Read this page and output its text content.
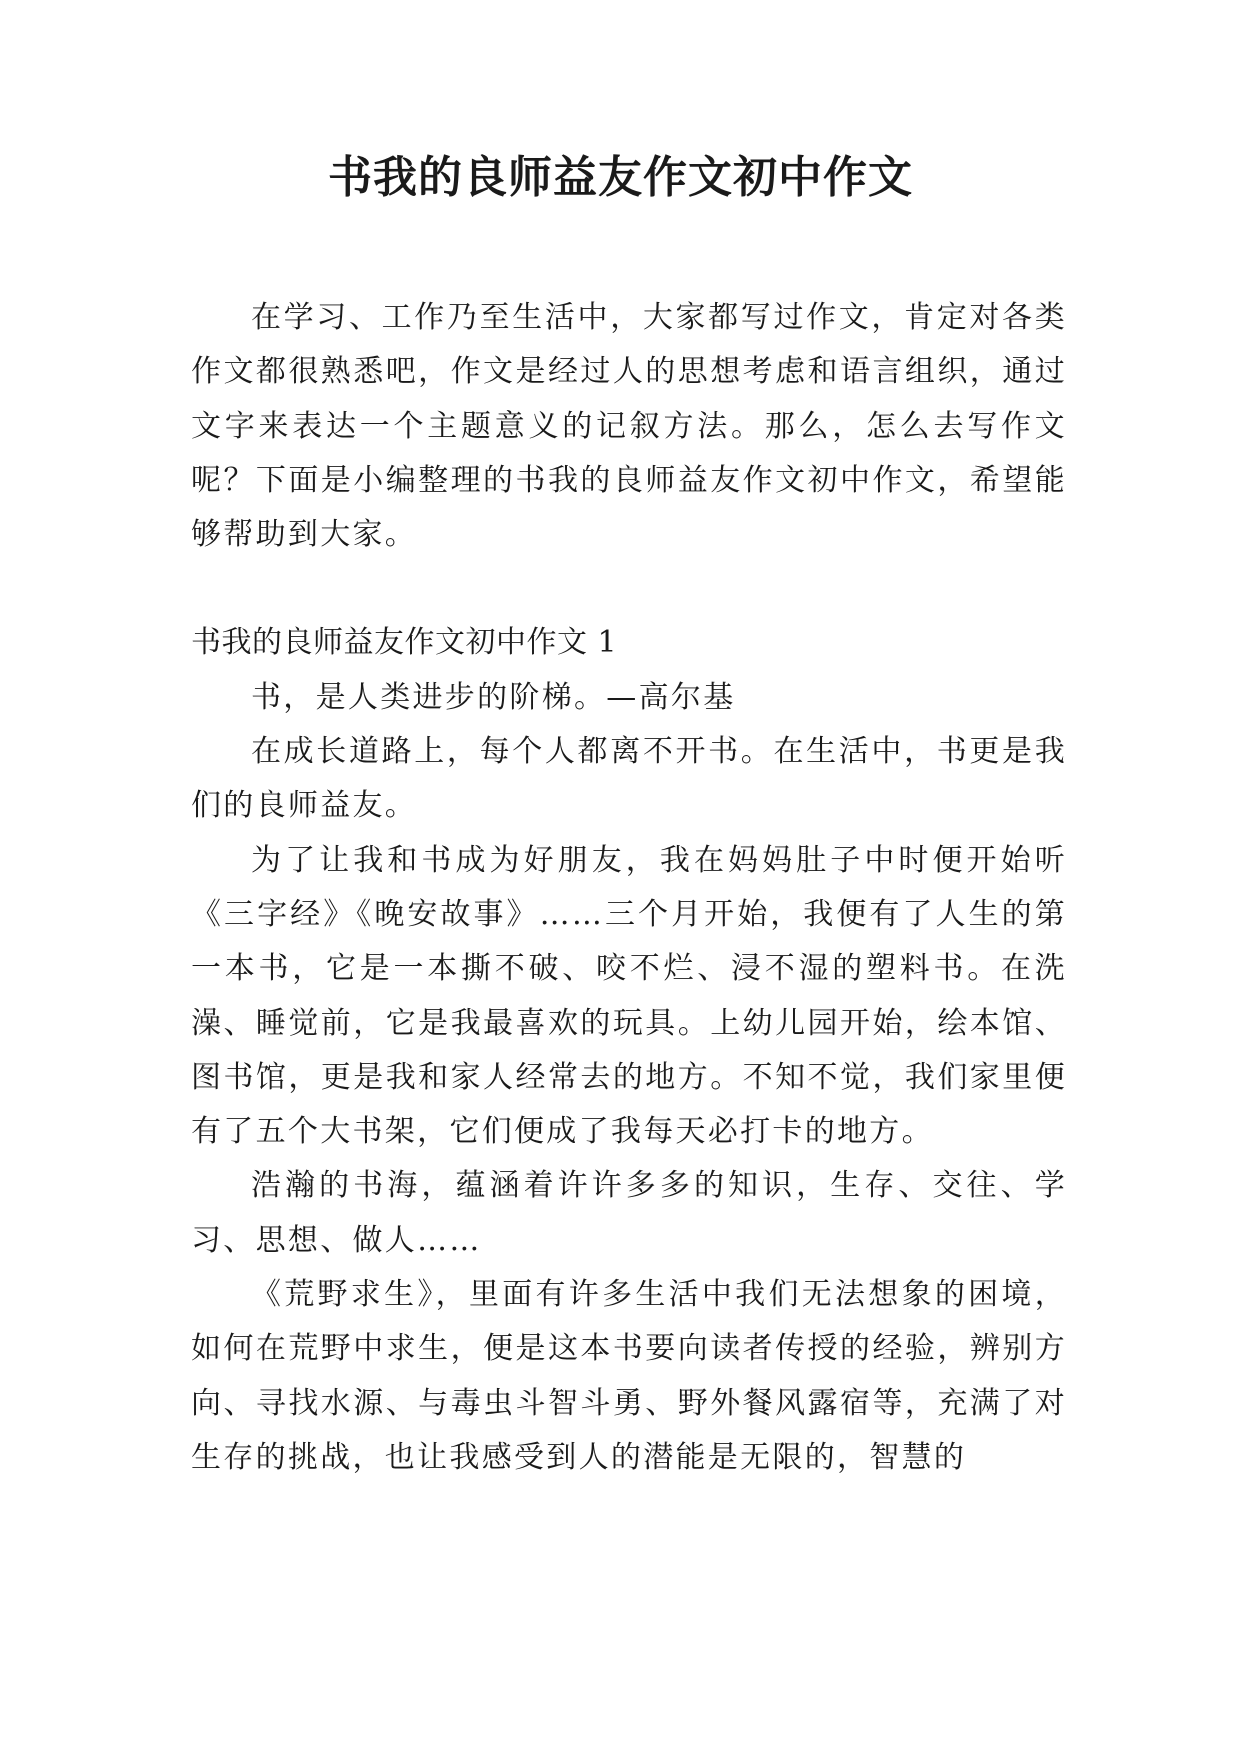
书我的良师益友作文初中作文

在学习、工作乃至生活中，大家都写过作文，肯定对各类作文都很熟悉吧，作文是经过人的思想考虑和语言组织，通过文字来表达一个主题意义的记叙方法。那么，怎么去写作文呢？下面是小编整理的书我的良师益友作文初中作文，希望能够帮助到大家。

书我的良师益友作文初中作文 1

书，是人类进步的阶梯。—高尔基

在成长道路上，每个人都离不开书。在生活中，书更是我们的良师益友。

为了让我和书成为好朋友，我在妈妈肚子中时便开始听《三字经》《晚安故事》……三个月开始，我便有了人生的第一本书，它是一本撕不破、咬不烂、浸不湿的塑料书。在洗澡、睡觉前，它是我最喜欢的玩具。上幼儿园开始，绘本馆、图书馆，更是我和家人经常去的地方。不知不觉，我们家里便有了五个大书架，它们便成了我每天必打卡的地方。

浩瀚的书海，蕴涵着许许多多的知识，生存、交往、学习、思想、做人……

《荒野求生》，里面有许多生活中我们无法想象的困境，如何在荒野中求生，便是这本书要向读者传授的经验，辨别方向、寻找水源、与毒虫斗智斗勇、野外餐风露宿等，充满了对生存的挑战，也让我感受到人的潜能是无限的，智慧的
